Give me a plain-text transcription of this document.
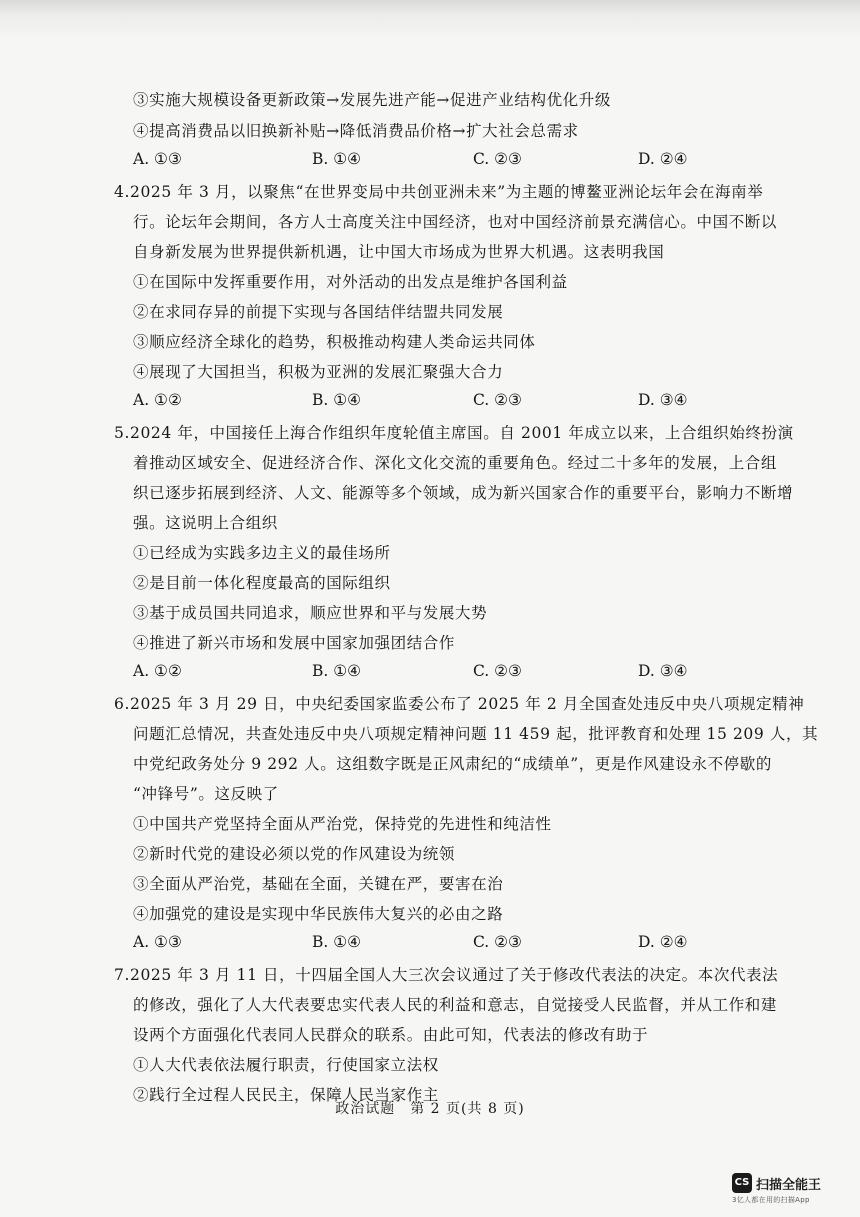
③实施大规模设备更新政策→发展先进产能→促进产业结构优化升级
④提高消费品以旧换新补贴→降低消费品价格→扩大社会总需求
A. ①③	B. ①④	C. ②③	D. ②④
4.2025 年 3 月，以聚焦“在世界变局中共创亚洲未来”为主题的博鳌亚洲论坛年会在海南举
行。论坛年会期间，各方人士高度关注中国经济，也对中国经济前景充满信心。中国不断以
自身新发展为世界提供新机遇，让中国大市场成为世界大机遇。这表明我国
①在国际中发挥重要作用，对外活动的出发点是维护各国利益
②在求同存异的前提下实现与各国结伴结盟共同发展
③顺应经济全球化的趋势，积极推动构建人类命运共同体
④展现了大国担当，积极为亚洲的发展汇聚强大合力
A. ①②	B. ①④	C. ②③	D. ③④
5.2024 年，中国接任上海合作组织年度轮值主席国。自 2001 年成立以来，上合组织始终扮演
着推动区域安全、促进经济合作、深化文化交流的重要角色。经过二十多年的发展，上合组
织已逐步拓展到经济、人文、能源等多个领域，成为新兴国家合作的重要平台，影响力不断增
强。这说明上合组织
①已经成为实践多边主义的最佳场所
②是目前一体化程度最高的国际组织
③基于成员国共同追求，顺应世界和平与发展大势
④推进了新兴市场和发展中国家加强团结合作
A. ①②	B. ①④	C. ②③	D. ③④
6.2025 年 3 月 29 日，中央纪委国家监委公布了 2025 年 2 月全国查处违反中央八项规定精神
问题汇总情况，共查处违反中央八项规定精神问题 11 459 起，批评教育和处理 15 209 人，其
中党纪政务处分 9 292 人。这组数字既是正风肃纪的“成绩单”，更是作风建设永不停歇的
“冲锋号”。这反映了
①中国共产党坚持全面从严治党，保持党的先进性和纯洁性
②新时代党的建设必须以党的作风建设为统领
③全面从严治党，基础在全面，关键在严，要害在治
④加强党的建设是实现中华民族伟大复兴的必由之路
A. ①③	B. ①④	C. ②③	D. ②④
7.2025 年 3 月 11 日，十四届全国人大三次会议通过了关于修改代表法的决定。本次代表法
的修改，强化了人大代表要忠实代表人民的利益和意志，自觉接受人民监督，并从工作和建
设两个方面强化代表同人民群众的联系。由此可知，代表法的修改有助于
①人大代表依法履行职责，行使国家立法权
②践行全过程人民民主，保障人民当家作主
政治试题　第 2 页(共 8 页)
CS 扫描全能王
3亿人都在用的扫描App
